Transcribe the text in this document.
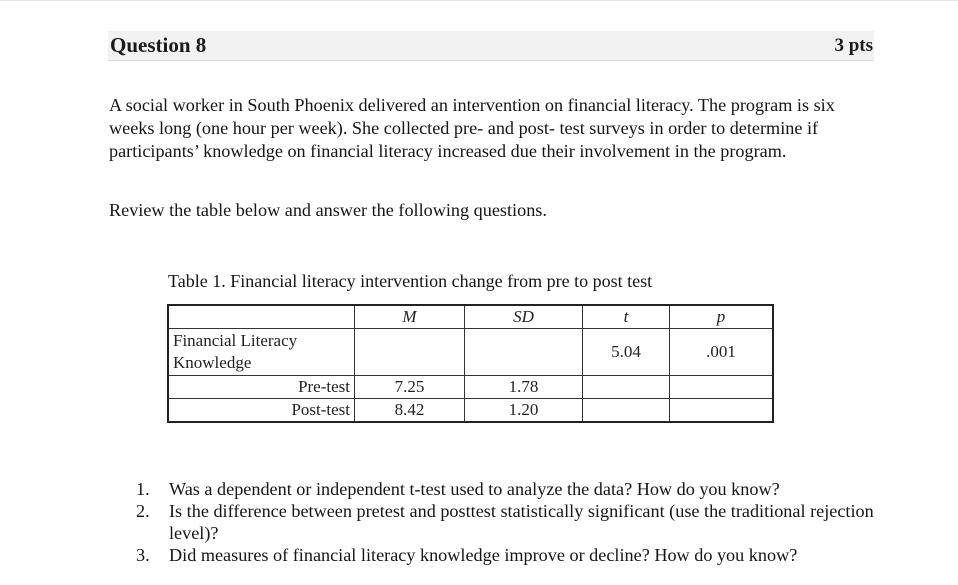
Question 8	3 pts

A social worker in South Phoenix delivered an intervention on financial literacy. The program is six weeks long (one hour per week). She collected pre- and post- test surveys in order to determine if participants’ knowledge on financial literacy increased due their involvement in the program.

Review the table below and answer the following questions.

Table 1. Financial literacy intervention change from pre to post test

	M	SD	t	p
Financial Literacy Knowledge			5.04	.001
Pre-test	7.25	1.78		
Post-test	8.42	1.20		
1. Was a dependent or independent t-test used to analyze the data? How do you know?
2. Is the difference between pretest and posttest statistically significant (use the traditional rejection level)?
3. Did measures of financial literacy knowledge improve or decline? How do you know?
